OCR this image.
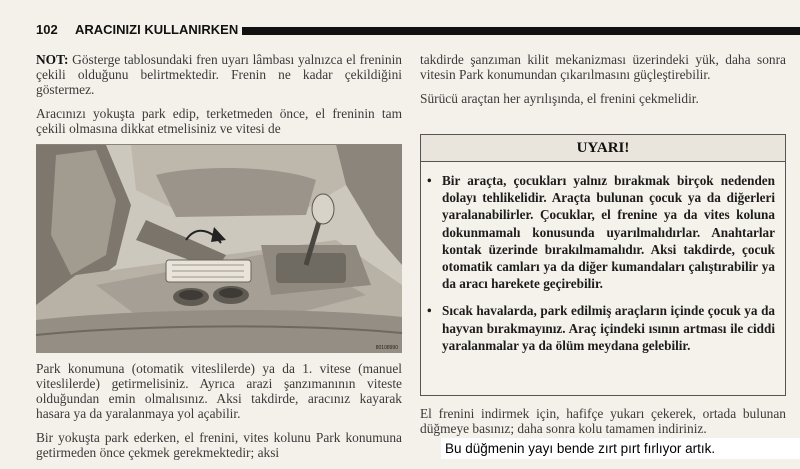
102 ARACINIZI KULLANIRKEN

NOT: Gösterge tablosundaki fren uyarı lâmbası yalnızca el freninin çekili olduğunu belirtmektedir. Frenin ne kadar çekildiğini göstermez.

Aracınızı yokuşta park edip, terketmeden önce, el freninin tam çekili olmasına dikkat etmelisiniz ve vitesi de

80108990

Park konumuna (otomatik viteslilerde) ya da 1. vitese (manuel viteslilerde) getirmelisiniz. Ayrıca arazi şanzımanının viteste olduğundan emin olmalısınız. Aksi takdirde, aracınız kayarak hasara ya da yaralanmaya yol açabilir.

Bir yokuşta park ederken, el frenini, vites kolunu Park konumuna getirmeden önce çekmek gerekmektedir; aksi

takdirde şanzıman kilit mekanizması üzerindeki yük, daha sonra vitesin Park konumundan çıkarılmasını güçleştirebilir.

Sürücü araçtan her ayrılışında, el frenini çekmelidir.

UYARI!
• Bir araçta, çocukları yalnız bırakmak birçok nedenden dolayı tehlikelidir. Araçta bulunan çocuk ya da diğerleri yaralanabilirler. Çocuklar, el frenine ya da vites koluna dokunmamalı konusunda uyarılmalıdırlar. Anahtarlar kontak üzerinde bırakılmamalıdır. Aksi takdirde, çocuk otomatik camları ya da diğer kumandaları çalıştırabilir ya da aracı harekete geçirebilir.
• Sıcak havalarda, park edilmiş araçların içinde çocuk ya da hayvan bırakmayınız. Araç içindeki ısının artması ile ciddi yaralanmalar ya da ölüm meydana gelebilir.

El frenini indirmek için, hafifçe yukarı çekerek, ortada bulunan düğmeye basınız; daha sonra kolu tamamen indiriniz.

Bu düğmenin yayı bende zırt pırt fırlıyor artık.
